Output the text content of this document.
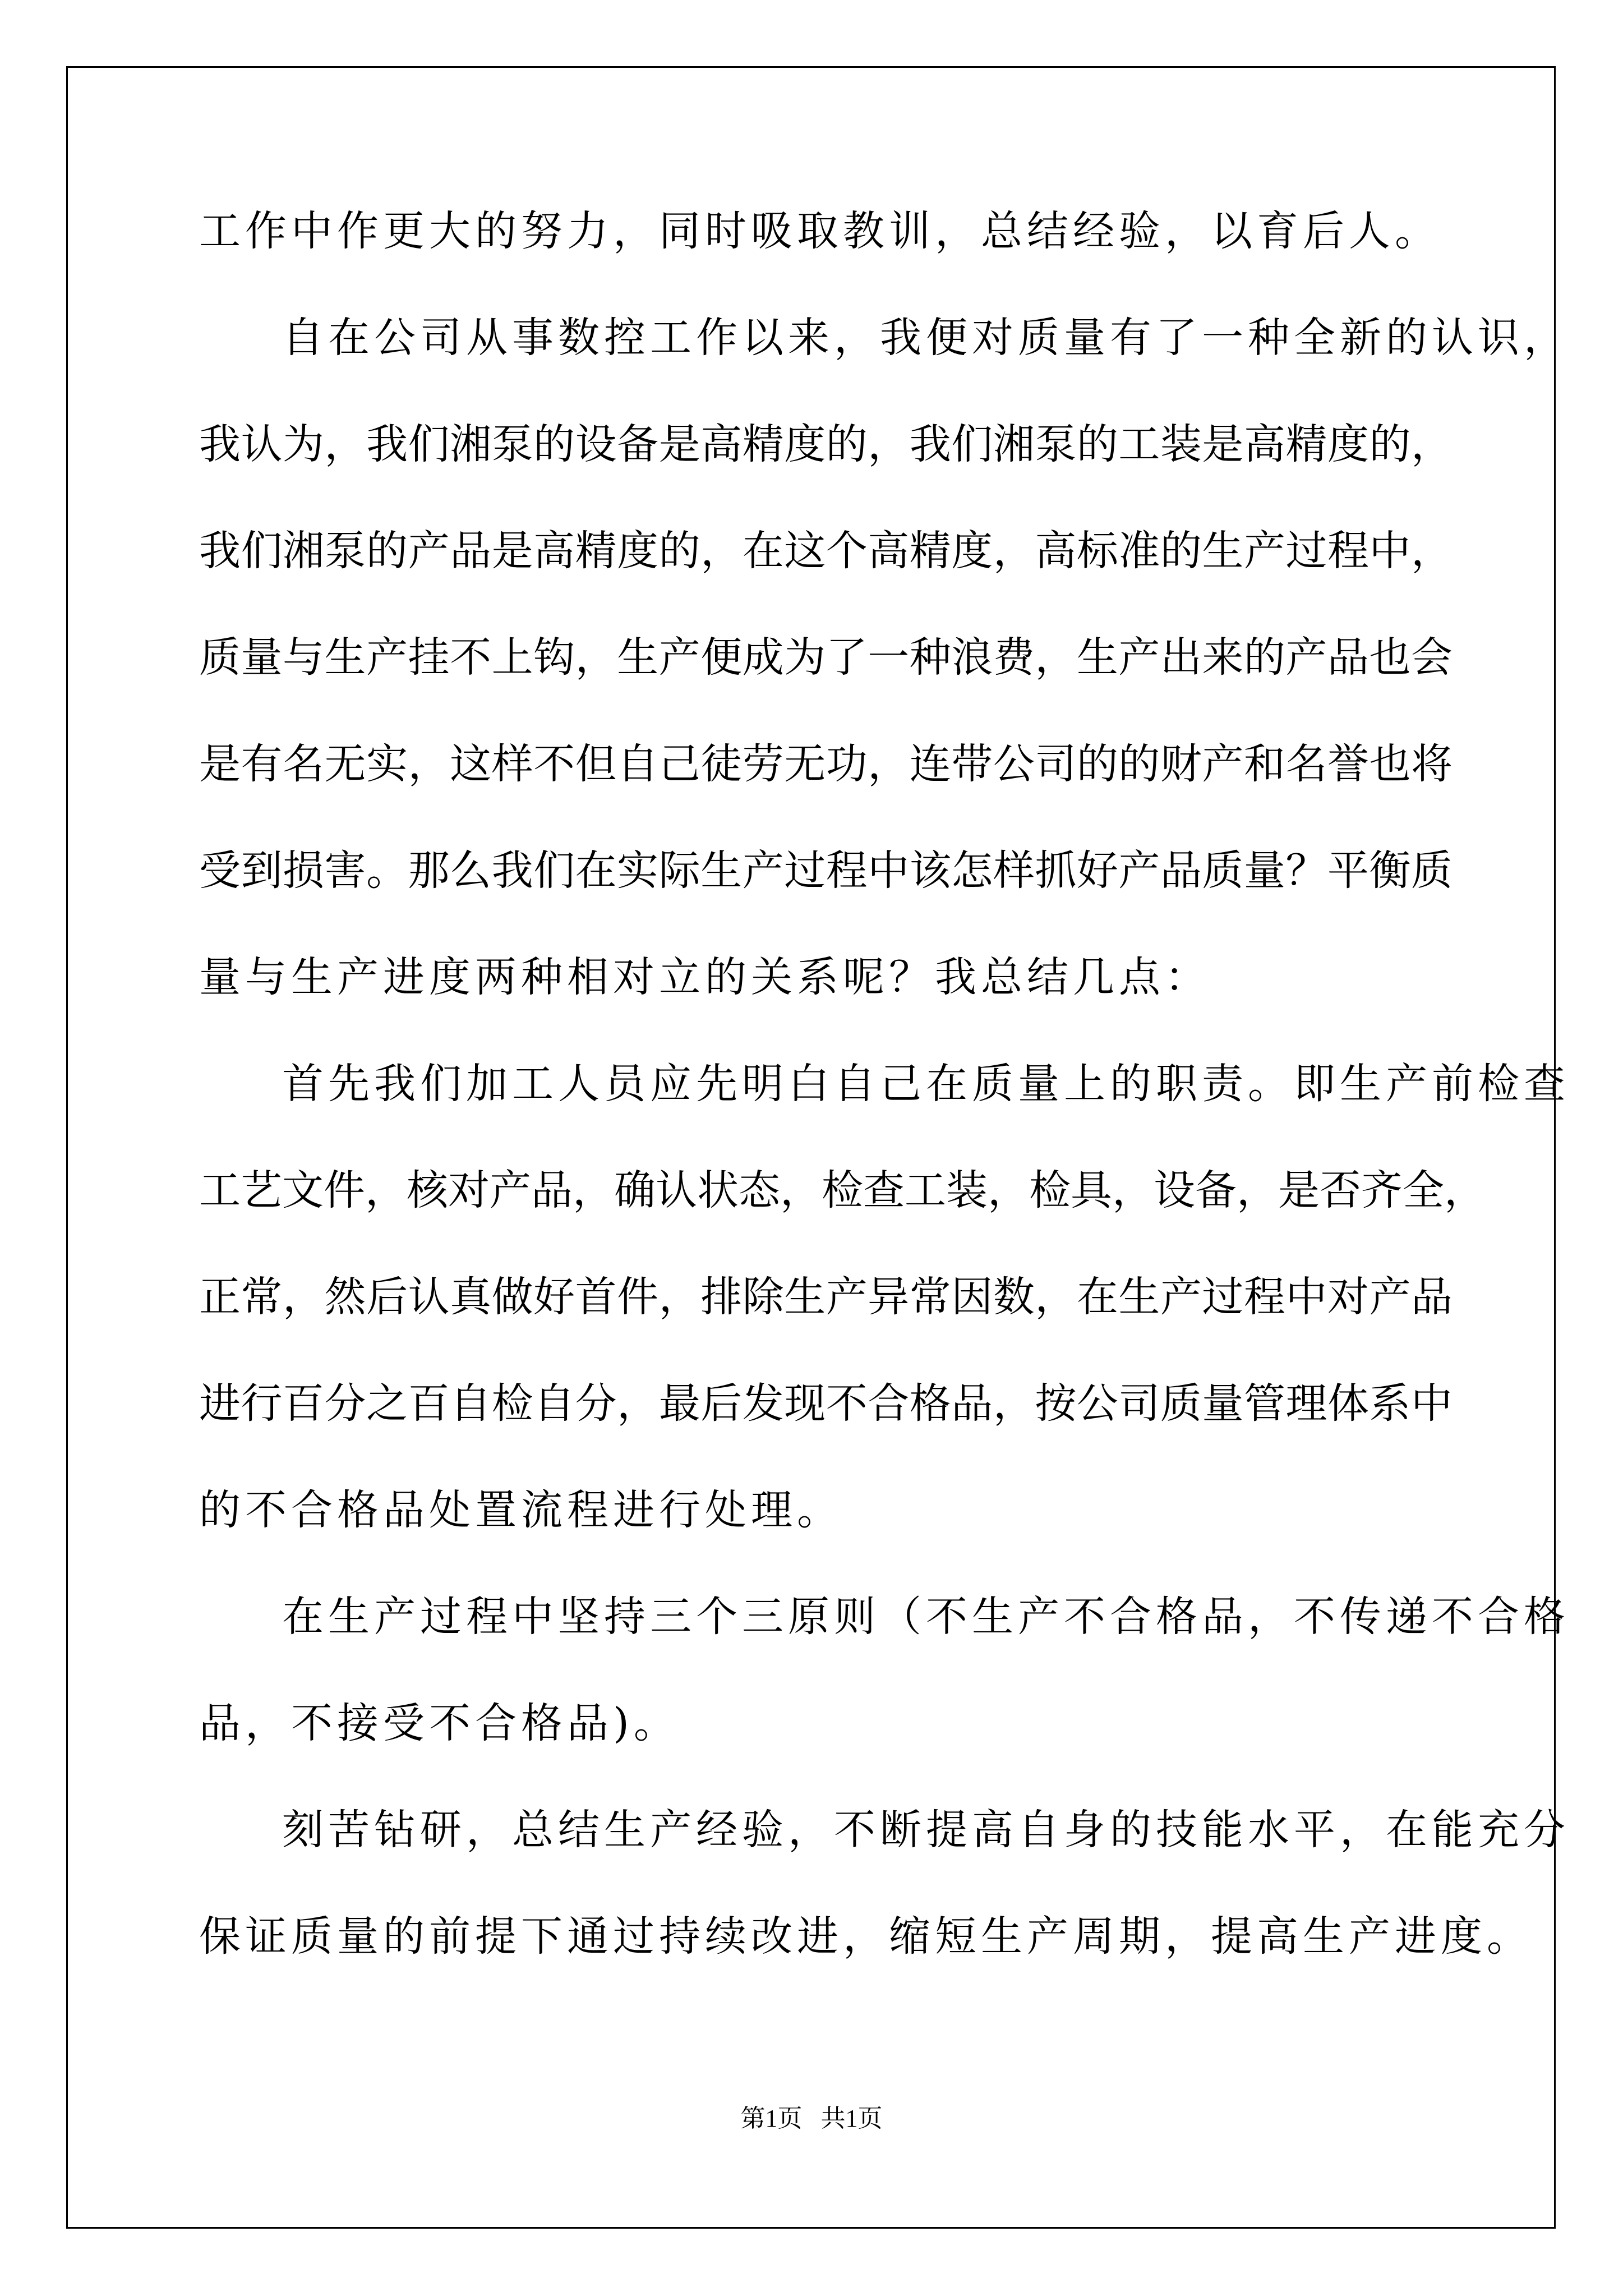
工作中作更大的努力，同时吸取教训，总结经验，以育后人。
自在公司从事数控工作以来，我便对质量有了一种全新的认识，
我认为，我们湘泵的设备是高精度的，我们湘泵的工装是高精度的，
我们湘泵的产品是高精度的，在这个高精度，高标准的生产过程中，
质量与生产挂不上钩，生产便成为了一种浪费，生产出来的产品也会
是有名无实，这样不但自己徒劳无功，连带公司的的财产和名誉也将
受到损害。那么我们在实际生产过程中该怎样抓好产品质量？平衡质
量与生产进度两种相对立的关系呢？我总结几点：
首先我们加工人员应先明白自己在质量上的职责。即生产前检查
工艺文件，核对产品，确认状态，检查工装，检具，设备，是否齐全，
正常，然后认真做好首件，排除生产异常因数，在生产过程中对产品
进行百分之百自检自分，最后发现不合格品，按公司质量管理体系中
的不合格品处置流程进行处理。
在生产过程中坚持三个三原则（不生产不合格品，不传递不合格
品，不接受不合格品)。
刻苦钻研，总结生产经验，不断提高自身的技能水平，在能充分
保证质量的前提下通过持续改进，缩短生产周期，提高生产进度。
第1页   共1页
